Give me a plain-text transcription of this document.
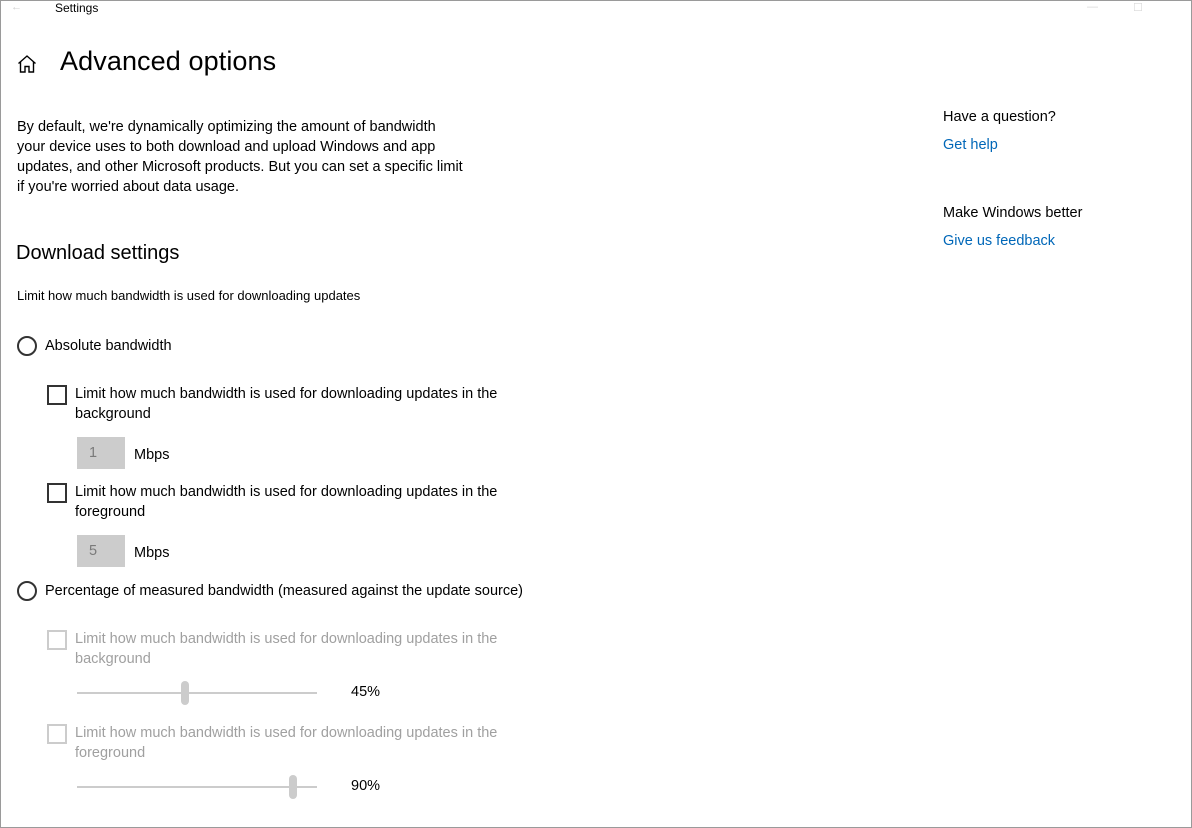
←	Settings	—	☐
Advanced options

By default, we're dynamically optimizing the amount of bandwidth your device uses to both download and upload Windows and app updates, and other Microsoft products. But you can set a specific limit if you're worried about data usage.

Download settings

Limit how much bandwidth is used for downloading updates

Absolute bandwidth
Limit how much bandwidth is used for downloading updates in the background
1	Mbps
Limit how much bandwidth is used for downloading updates in the foreground
5	Mbps
Percentage of measured bandwidth (measured against the update source)
Limit how much bandwidth is used for downloading updates in the background
45%
Limit how much bandwidth is used for downloading updates in the foreground
90%
Have a question?
Get help
Make Windows better
Give us feedback
